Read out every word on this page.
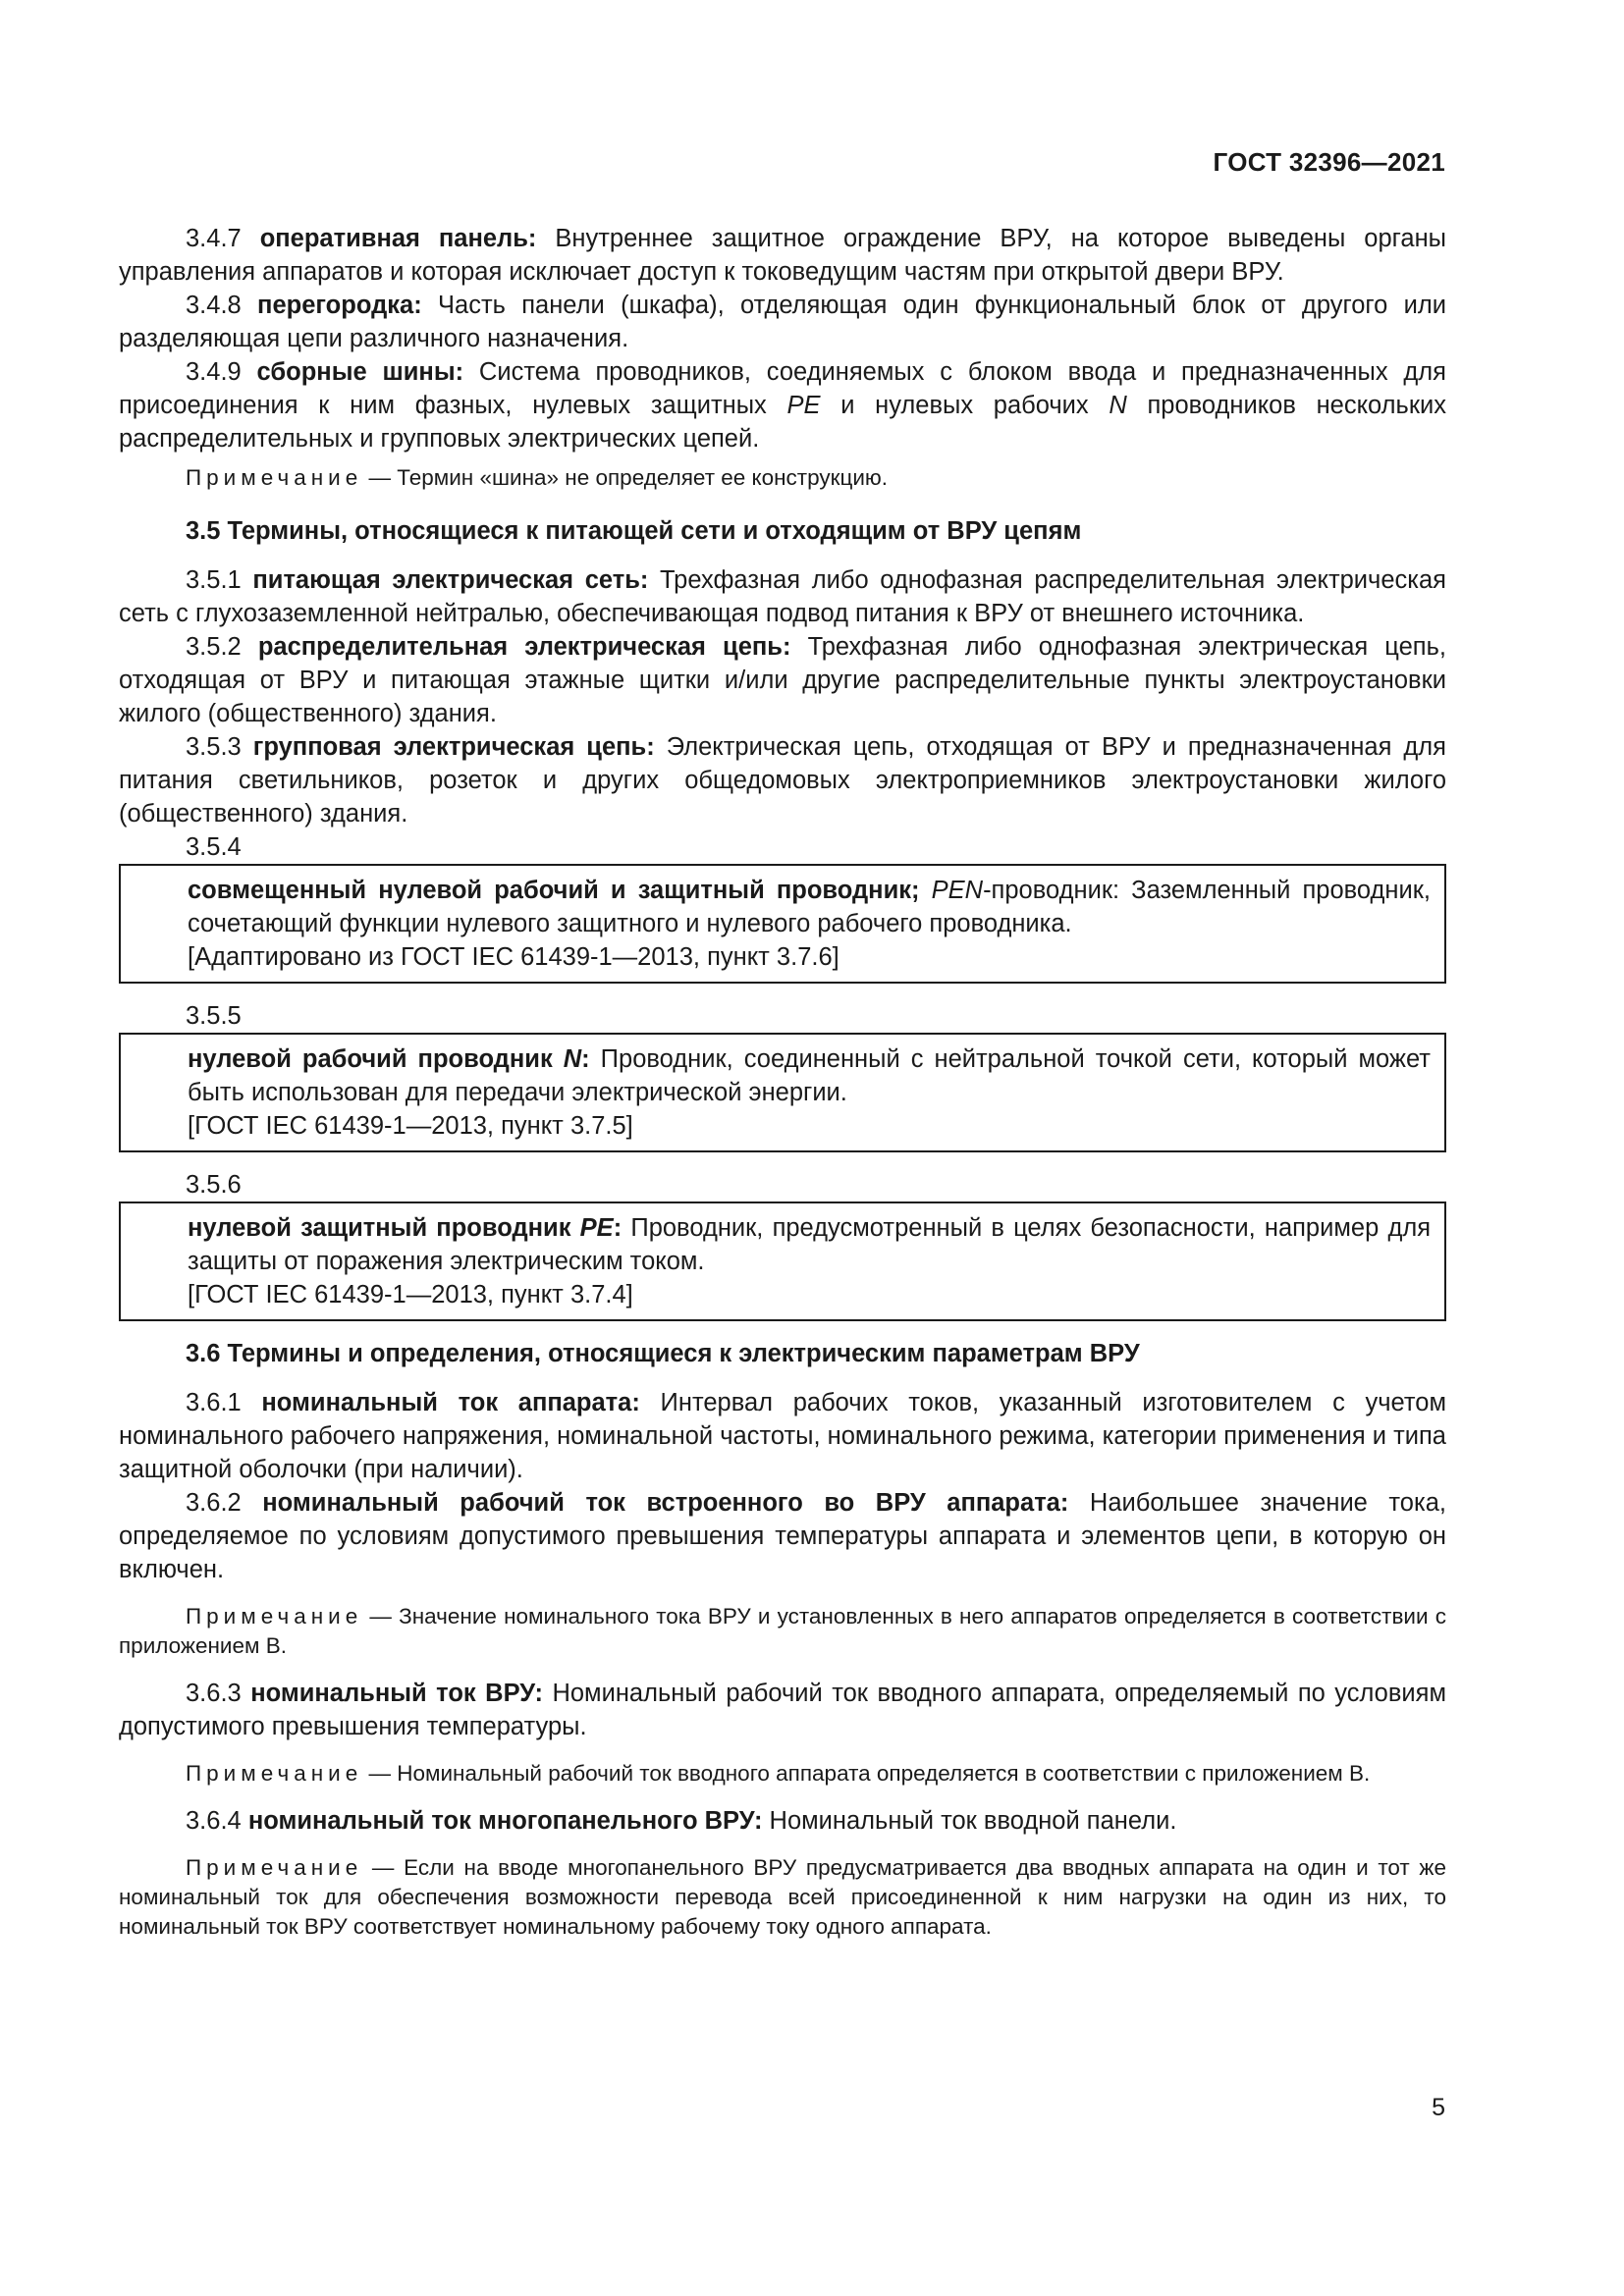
ГОСТ 32396—2021

3.4.7 оперативная панель: Внутреннее защитное ограждение ВРУ, на которое выведены органы управления аппаратов и которая исключает доступ к токоведущим частям при открытой двери ВРУ.

3.4.8 перегородка: Часть панели (шкафа), отделяющая один функциональный блок от другого или разделяющая цепи различного назначения.

3.4.9 сборные шины: Система проводников, соединяемых с блоком ввода и предназначенных для присоединения к ним фазных, нулевых защитных PE и нулевых рабочих N проводников нескольких распределительных и групповых электрических цепей.

Примечание — Термин «шина» не определяет ее конструкцию.

3.5 Термины, относящиеся к питающей сети и отходящим от ВРУ цепям

3.5.1 питающая электрическая сеть: Трехфазная либо однофазная распределительная электрическая сеть с глухозаземленной нейтралью, обеспечивающая подвод питания к ВРУ от внешнего источника.

3.5.2 распределительная электрическая цепь: Трехфазная либо однофазная электрическая цепь, отходящая от ВРУ и питающая этажные щитки и/или другие распределительные пункты электроустановки жилого (общественного) здания.

3.5.3 групповая электрическая цепь: Электрическая цепь, отходящая от ВРУ и предназначенная для питания светильников, розеток и других общедомовых электроприемников электроустановки жилого (общественного) здания.

3.5.4

совмещенный нулевой рабочий и защитный проводник; PEN-проводник: Заземленный проводник, сочетающий функции нулевого защитного и нулевого рабочего проводника.

[Адаптировано из ГОСТ IEC 61439-1—2013, пункт 3.7.6]

3.5.5

нулевой рабочий проводник N: Проводник, соединенный с нейтральной точкой сети, который может быть использован для передачи электрической энергии.

[ГОСТ IEC 61439-1—2013, пункт 3.7.5]

3.5.6

нулевой защитный проводник PE: Проводник, предусмотренный в целях безопасности, например для защиты от поражения электрическим током.

[ГОСТ IEC 61439-1—2013, пункт 3.7.4]

3.6 Термины и определения, относящиеся к электрическим параметрам ВРУ

3.6.1 номинальный ток аппарата: Интервал рабочих токов, указанный изготовителем с учетом номинального рабочего напряжения, номинальной частоты, номинального режима, категории применения и типа защитной оболочки (при наличии).

3.6.2 номинальный рабочий ток встроенного во ВРУ аппарата: Наибольшее значение тока, определяемое по условиям допустимого превышения температуры аппарата и элементов цепи, в которую он включен.

Примечание — Значение номинального тока ВРУ и установленных в него аппаратов определяется в соответствии с приложением В.

3.6.3 номинальный ток ВРУ: Номинальный рабочий ток вводного аппарата, определяемый по условиям допустимого превышения температуры.

Примечание — Номинальный рабочий ток вводного аппарата определяется в соответствии с приложением В.

3.6.4 номинальный ток многопанельного ВРУ: Номинальный ток вводной панели.

Примечание — Если на вводе многопанельного ВРУ предусматривается два вводных аппарата на один и тот же номинальный ток для обеспечения возможности перевода всей присоединенной к ним нагрузки на один из них, то номинальный ток ВРУ соответствует номинальному рабочему току одного аппарата.

5
